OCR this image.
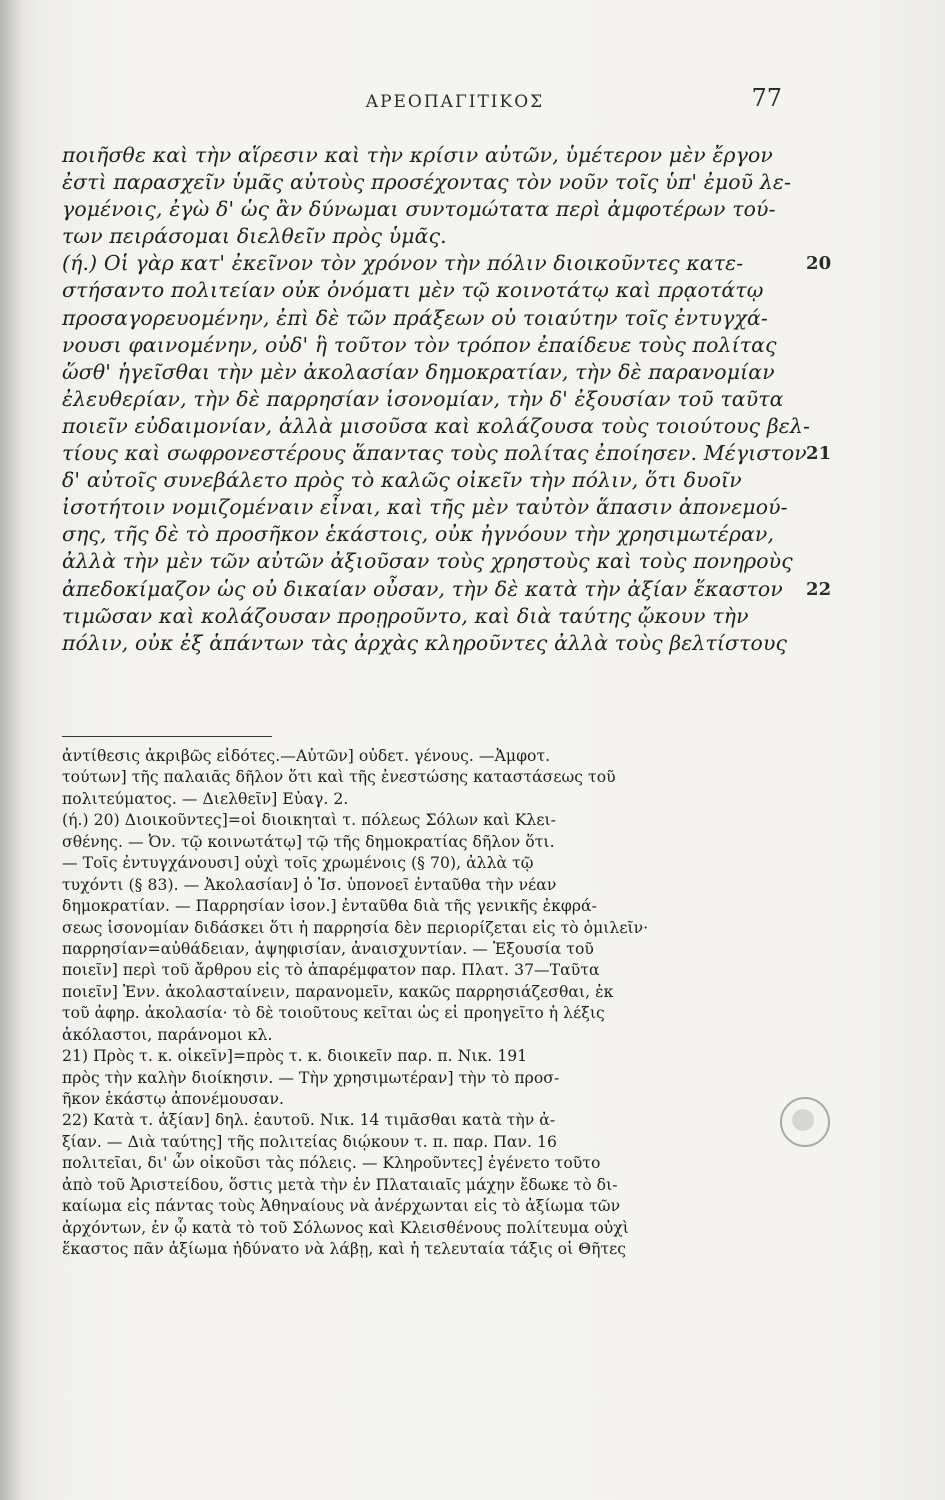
ΑΡΕΟΠΑΓΙΤΙΚΟΣ	77
ποιῆσθε καὶ τὴν αἵρεσιν καὶ τὴν κρίσιν αὐτῶν, ὑμέτερον μὲν ἔργον
ἐστὶ παρασχεῖν ὑμᾶς αὐτοὺς προσέχοντας τὸν νοῦν τοῖς ὑπ' ἐμοῦ λε-
γομένοις, ἐγὼ δ' ὡς ἂν δύνωμαι συντομώτατα περὶ ἀμφοτέρων τού-
των πειράσομαι διελθεῖν πρὸς ὑμᾶς.
(ή.) Οἱ γὰρ κατ' ἐκεῖνον τὸν χρόνον τὴν πόλιν διοικοῦντες κατε-	20
στήσαντο πολιτείαν οὐκ ὀνόματι μὲν τῷ κοινοτάτῳ καὶ πρᾳοτάτῳ
προσαγορευομένην, ἐπὶ δὲ τῶν πράξεων οὐ τοιαύτην τοῖς ἐντυγχά-
νουσι φαινομένην, οὐδ' ἣ τοῦτον τὸν τρόπον ἐπαίδευε τοὺς πολίτας
ὥσθ' ἡγεῖσθαι τὴν μὲν ἀκολασίαν δημοκρατίαν, τὴν δὲ παρανομίαν
ἐλευθερίαν, τὴν δὲ παρρησίαν ἰσονομίαν, τὴν δ' ἐξουσίαν τοῦ ταῦτα
ποιεῖν εὐδαιμονίαν, ἀλλὰ μισοῦσα καὶ κολάζουσα τοὺς τοιούτους βελ-
τίους καὶ σωφρονεστέρους ἅπαντας τοὺς πολίτας ἐποίησεν. Μέγιστον 21
δ' αὐτοῖς συνεβάλετο πρὸς τὸ καλῶς οἰκεῖν τὴν πόλιν, ὅτι δυοῖν
ἰσοτήτοιν νομιζομέναιν εἶναι, καὶ τῆς μὲν ταὐτὸν ἅπασιν ἀπονεμού-
σης, τῆς δὲ τὸ προσῆκον ἑκάστοις, οὐκ ἠγνόουν τὴν χρησιμωτέραν,
ἀλλὰ τὴν μὲν τῶν αὐτῶν ἀξιοῦσαν τοὺς χρηστοὺς καὶ τοὺς πονηροὺς
ἀπεδοκίμαζον ὡς οὐ δικαίαν οὖσαν, τὴν δὲ κατὰ τὴν ἀξίαν ἕκαστον 22
τιμῶσαν καὶ κολάζουσαν προῃροῦντο, καὶ διὰ ταύτης ᾤκουν τὴν
πόλιν, οὐκ ἐξ ἁπάντων τὰς ἀρχὰς κληροῦντες ἀλλὰ τοὺς βελτίστους
ἀντίθεσις ἀκριβῶς εἰδότες.—Αὐτῶν] οὐδετ. γένους. —Ἀμφοτ.
τούτων] τῆς παλαιᾶς δῆλον ὅτι καὶ τῆς ἐνεστώσης καταστάσεως τοῦ
πολιτεύματος. — Διελθεῖν] Εὐαγ. 2.
(ή.) 20) Διοικοῦντες]=οἱ διοικηταὶ τ. πόλεως Σόλων καὶ Κλει-
σθένης. — Ὀν. τῷ κοινωτάτῳ] τῷ τῆς δημοκρατίας δῆλον ὅτι.
— Τοῖς ἐντυγχάνουσι] οὐχὶ τοῖς χρωμένοις (§ 70), ἀλλὰ τῷ
τυχόντι (§ 83). — Ἀκολασίαν] ὁ Ἰσ. ὑπονοεῖ ἐνταῦθα τὴν νέαν
δημοκρατίαν. — Παρρησίαν ἰσον.] ἐνταῦθα διὰ τῆς γενικῆς ἐκφρά-
σεως ἰσονομίαν διδάσκει ὅτι ἡ παρρησία δὲν περιορίζεται εἰς τὸ ὁμιλεῖν·
παρρησίαν=αὐθάδειαν, ἀψηφισίαν, ἀναισχυντίαν. — Ἐξουσία τοῦ
ποιεῖν] περὶ τοῦ ἄρθρου εἰς τὸ ἀπαρέμφατον παρ. Πλατ. 37—Ταῦτα
ποιεῖν] Ἐνν. ἀκολασταίνειν, παρανομεῖν, κακῶς παρρησιάζεσθαι, ἐκ
τοῦ ἀφηρ. ἀκολασία· τὸ δὲ τοιοῦτους κεῖται ὡς εἰ προηγεῖτο ἡ λέξις
ἀκόλαστοι, παράνομοι κλ.
21) Πρὸς τ. κ. οἰκεῖν]=πρὸς τ. κ. διοικεῖν παρ. π. Νικ. 191
πρὸς τὴν καλὴν διοίκησιν. — Τὴν χρησιμωτέραν] τὴν τὸ προσ-
ῆκον ἑκάστῳ ἀπονέμουσαν.
22) Κατὰ τ. ἀξίαν] δηλ. ἑαυτοῦ. Νικ. 14 τιμᾶσθαι κατὰ τὴν ἀ-
ξίαν. — Διὰ ταύτης] τῆς πολιτείας διῴκουν τ. π. παρ. Παν. 16
πολιτεῖαι, δι' ὧν οἰκοῦσι τὰς πόλεις. — Κληροῦντες] ἐγένετο τοῦτο
ἀπὸ τοῦ Ἀριστείδου, ὅστις μετὰ τὴν ἐν Πλαταιαῖς μάχην ἔδωκε τὸ δι-
καίωμα εἰς πάντας τοὺς Ἀθηναίους νὰ ἀνέρχωνται εἰς τὸ ἀξίωμα τῶν
ἀρχόντων, ἐν ᾧ κατὰ τὸ τοῦ Σόλωνος καὶ Κλεισθένους πολίτευμα οὐχὶ
ἕκαστος πᾶν ἀξίωμα ἠδύνατο νὰ λάβῃ, καὶ ἡ τελευταία τάξις οἱ Θῆτες
